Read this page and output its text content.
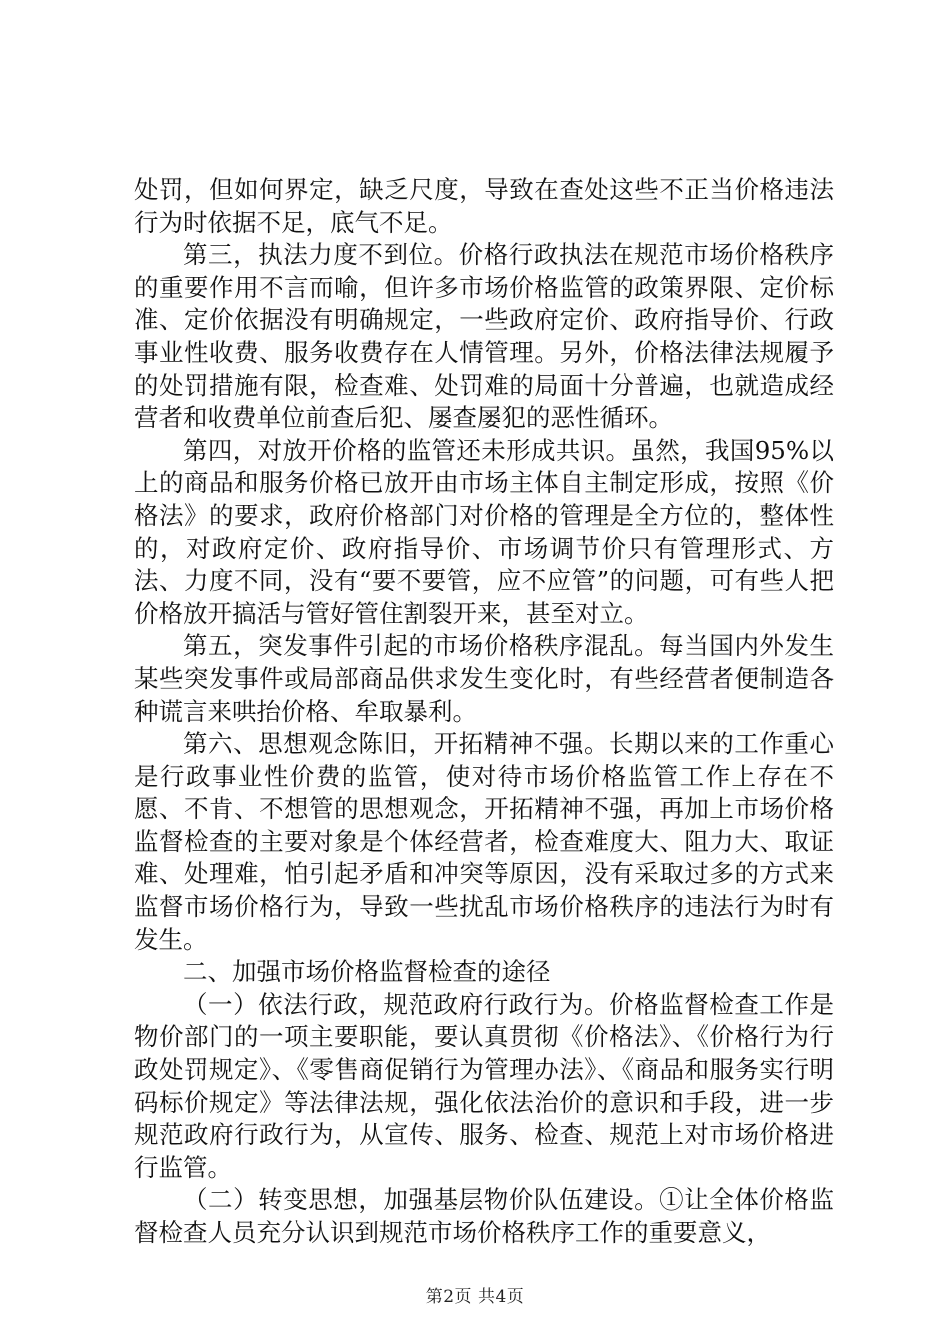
处罚，但如何界定，缺乏尺度，导致在查处这些不正当价格违法行为时依据不足，底气不足。

第三，执法力度不到位。价格行政执法在规范市场价格秩序的重要作用不言而喻，但许多市场价格监管的政策界限、定价标准、定价依据没有明确规定，一些政府定价、政府指导价、行政事业性收费、服务收费存在人情管理。另外，价格法律法规履予的处罚措施有限，检查难、处罚难的局面十分普遍，也就造成经营者和收费单位前查后犯、屡查屡犯的恶性循环。

第四，对放开价格的监管还未形成共识。虽然，我国95%以上的商品和服务价格已放开由市场主体自主制定形成，按照《价格法》的要求，政府价格部门对价格的管理是全方位的，整体性的，对政府定价、政府指导价、市场调节价只有管理形式、方法、力度不同，没有“要不要管，应不应管”的问题，可有些人把价格放开搞活与管好管住割裂开来，甚至对立。

第五，突发事件引起的市场价格秩序混乱。每当国内外发生某些突发事件或局部商品供求发生变化时，有些经营者便制造各种谎言来哄抬价格、牟取暴利。

第六、思想观念陈旧，开拓精神不强。长期以来的工作重心是行政事业性价费的监管，使对待市场价格监管工作上存在不愿、不肯、不想管的思想观念，开拓精神不强，再加上市场价格监督检查的主要对象是个体经营者，检查难度大、阻力大、取证难、处理难，怕引起矛盾和冲突等原因，没有采取过多的方式来监督市场价格行为，导致一些扰乱市场价格秩序的违法行为时有发生。

二、加强市场价格监督检查的途径

（一）依法行政，规范政府行政行为。价格监督检查工作是物价部门的一项主要职能，要认真贯彻《价格法》、《价格行为行政处罚规定》、《零售商促销行为管理办法》、《商品和服务实行明码标价规定》等法律法规，强化依法治价的意识和手段，进一步规范政府行政行为，从宣传、服务、检查、规范上对市场价格进行监管。

（二）转变思想，加强基层物价队伍建设。①让全体价格监督检查人员充分认识到规范市场价格秩序工作的重要意义，

第2页 共4页
